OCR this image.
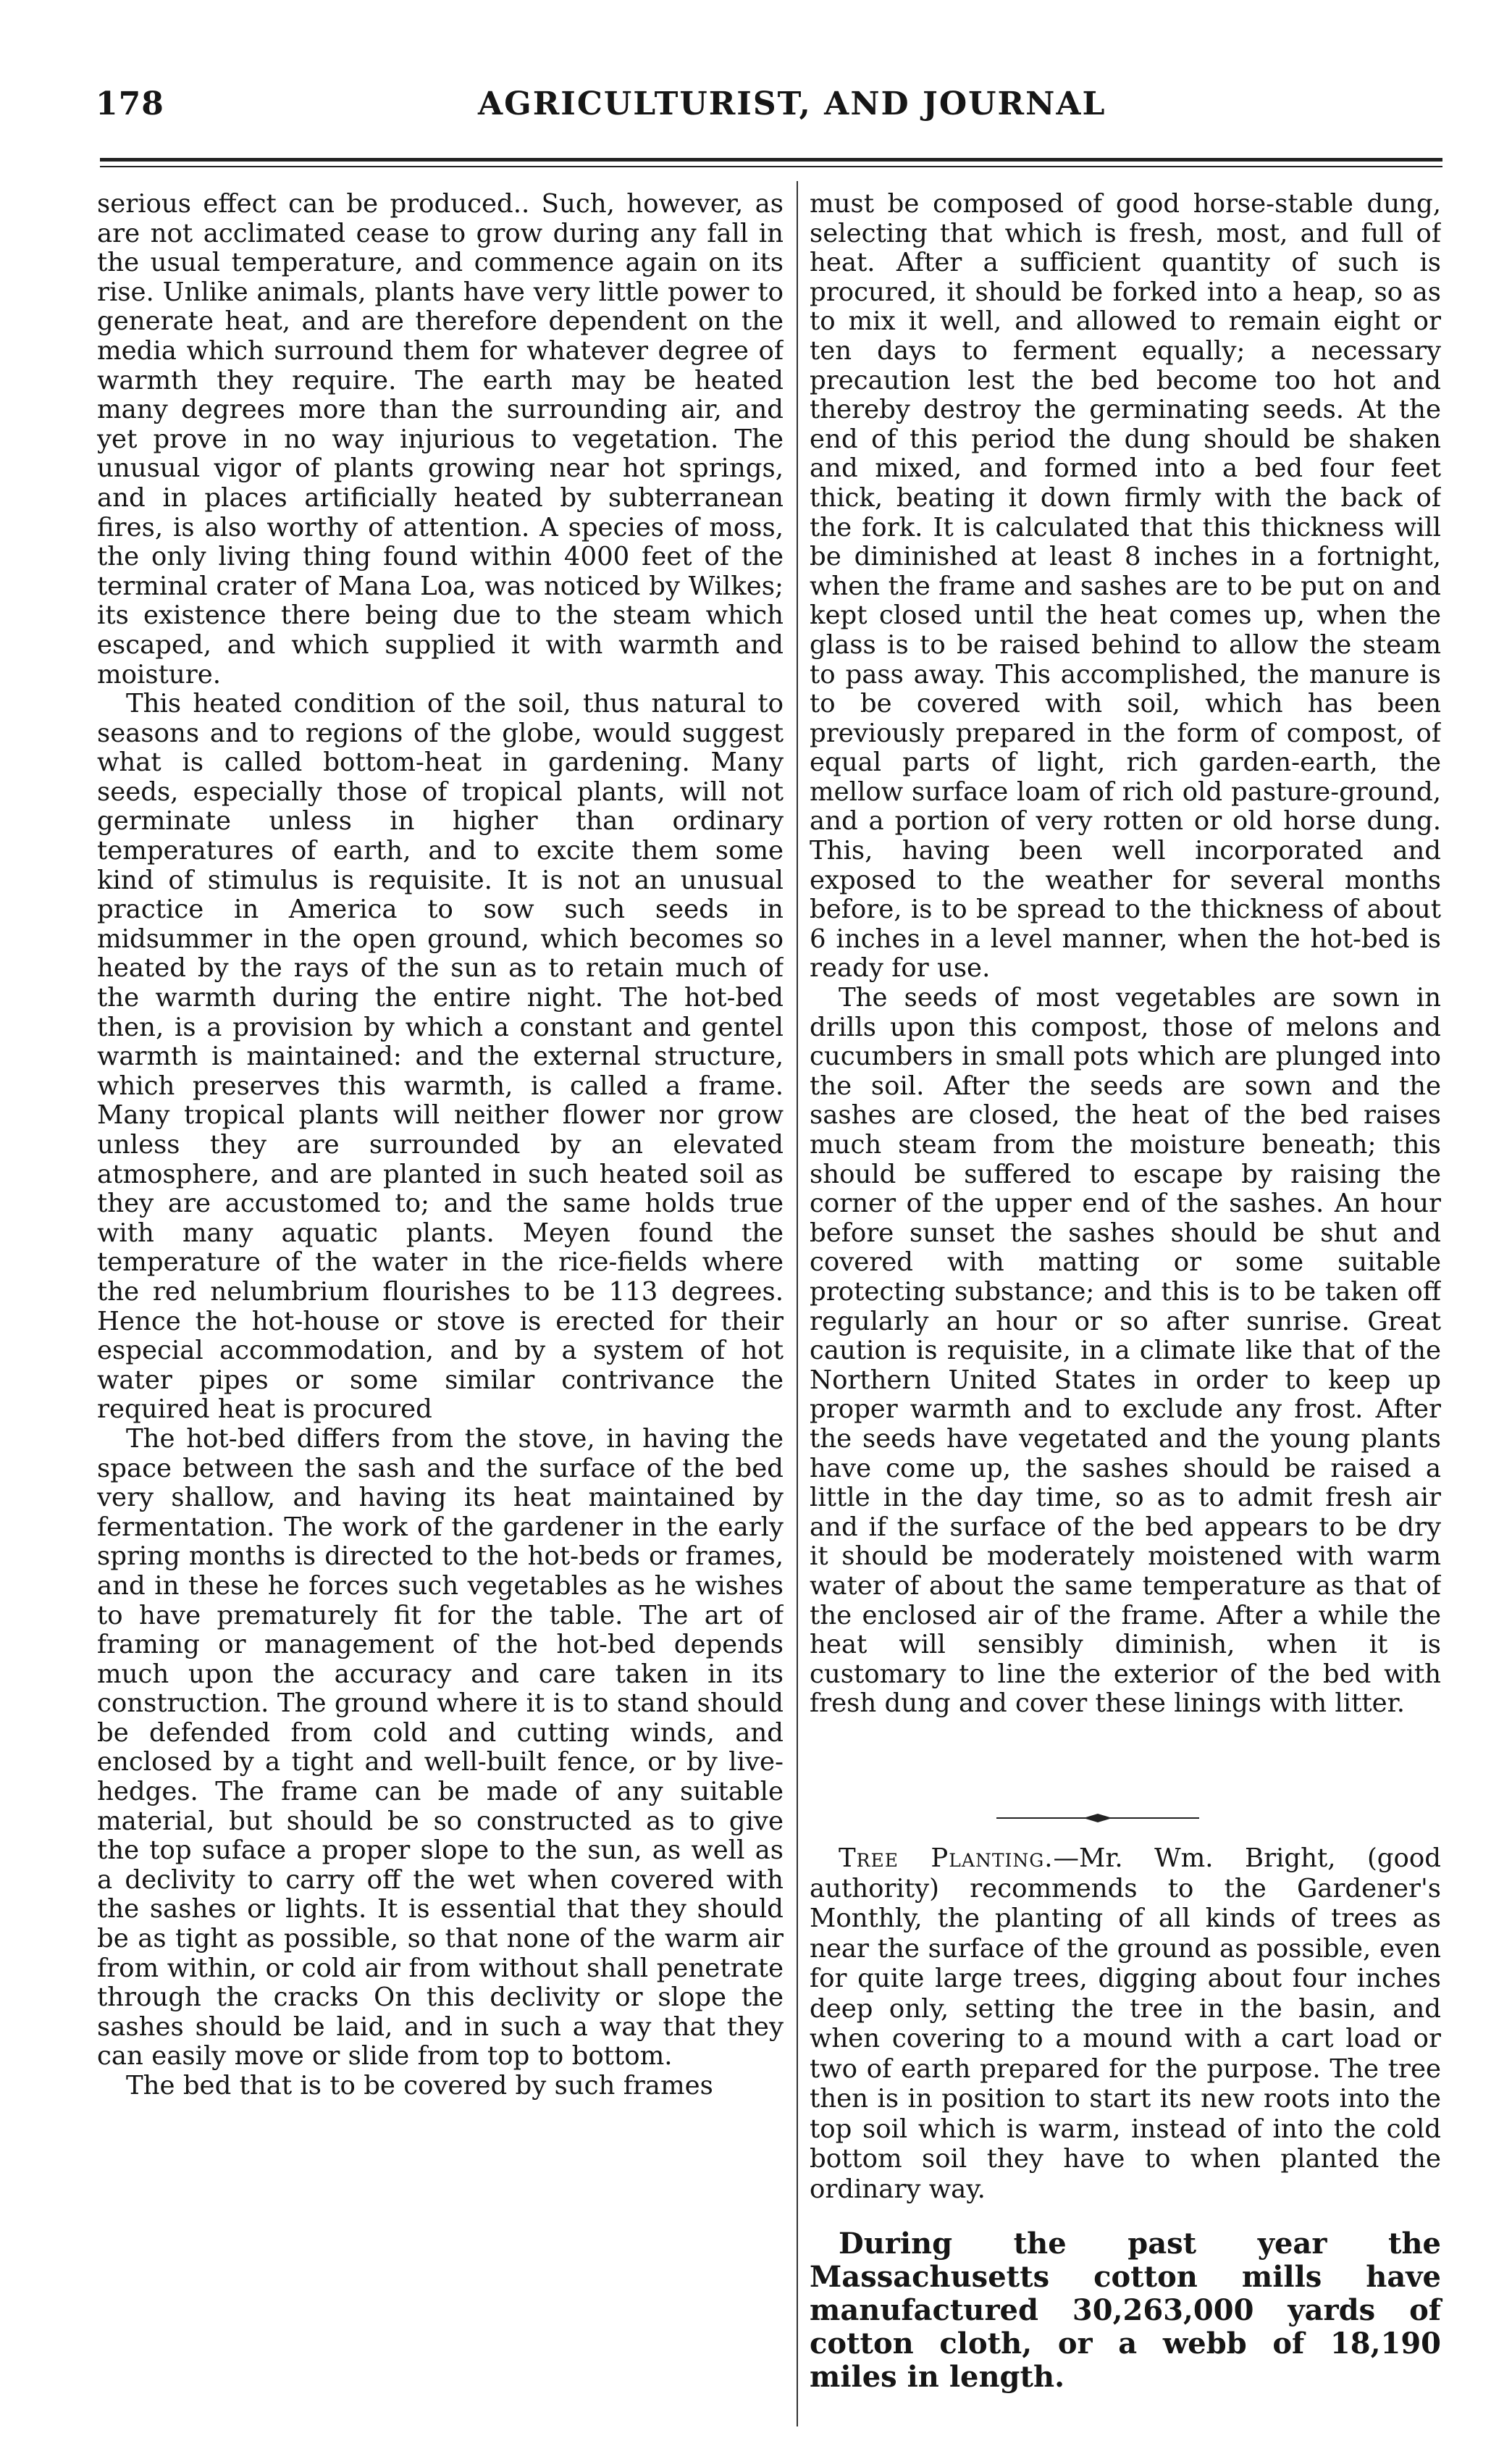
178	AGRICULTURIST, AND JOURNAL

serious effect can be produced.. Such, however, as are not acclimated cease to grow during any fall in the usual temperature, and commence again on its rise. Unlike animals, plants have very little power to generate heat, and are therefore dependent on the media which surround them for whatever degree of warmth they require. The earth may be heated many degrees more than the surrounding air, and yet prove in no way injurious to vegetation. The unusual vigor of plants growing near hot springs, and in places artificially heated by subterranean fires, is also worthy of attention. A species of moss, the only living thing found within 4000 feet of the terminal crater of Mana Loa, was noticed by Wilkes; its existence there being due to the steam which escaped, and which supplied it with warmth and moisture.

This heated condition of the soil, thus natural to seasons and to regions of the globe, would suggest what is called bottom-heat in gardening. Many seeds, especially those of tropical plants, will not germinate unless in higher than ordinary temperatures of earth, and to excite them some kind of stimulus is requisite. It is not an unusual practice in America to sow such seeds in midsummer in the open ground, which becomes so heated by the rays of the sun as to retain much of the warmth during the entire night. The hot-bed then, is a provision by which a constant and gentel warmth is maintained: and the external structure, which preserves this warmth, is called a frame. Many tropical plants will neither flower nor grow unless they are surrounded by an elevated atmosphere, and are planted in such heated soil as they are accustomed to; and the same holds true with many aquatic plants. Meyen found the temperature of the water in the rice-fields where the red nelumbrium flourishes to be 113 degrees. Hence the hot-house or stove is erected for their especial accommodation, and by a system of hot water pipes or some similar contrivance the required heat is procured

The hot-bed differs from the stove, in having the space between the sash and the surface of the bed very shallow, and having its heat maintained by fermentation. The work of the gardener in the early spring months is directed to the hot-beds or frames, and in these he forces such vegetables as he wishes to have prematurely fit for the table. The art of framing or management of the hot-bed depends much upon the accuracy and care taken in its construction. The ground where it is to stand should be defended from cold and cutting winds, and enclosed by a tight and well-built fence, or by live-hedges. The frame can be made of any suitable material, but should be so constructed as to give the top suface a proper slope to the sun, as well as a declivity to carry off the wet when covered with the sashes or lights. It is essential that they should be as tight as possible, so that none of the warm air from within, or cold air from without shall penetrate through the cracks On this declivity or slope the sashes should be laid, and in such a way that they can easily move or slide from top to bottom.

The bed that is to be covered by such frames

must be composed of good horse-stable dung, selecting that which is fresh, most, and full of heat. After a sufficient quantity of such is procured, it should be forked into a heap, so as to mix it well, and allowed to remain eight or ten days to ferment equally; a necessary precaution lest the bed become too hot and thereby destroy the germinating seeds. At the end of this period the dung should be shaken and mixed, and formed into a bed four feet thick, beating it down firmly with the back of the fork. It is calculated that this thickness will be diminished at least 8 inches in a fortnight, when the frame and sashes are to be put on and kept closed until the heat comes up, when the glass is to be raised behind to allow the steam to pass away. This accomplished, the manure is to be covered with soil, which has been previously prepared in the form of compost, of equal parts of light, rich garden-earth, the mellow surface loam of rich old pasture-ground, and a portion of very rotten or old horse dung. This, having been well incorporated and exposed to the weather for several months before, is to be spread to the thickness of about 6 inches in a level manner, when the hot-bed is ready for use.

The seeds of most vegetables are sown in drills upon this compost, those of melons and cucumbers in small pots which are plunged into the soil. After the seeds are sown and the sashes are closed, the heat of the bed raises much steam from the moisture beneath; this should be suffered to escape by raising the corner of the upper end of the sashes. An hour before sunset the sashes should be shut and covered with matting or some suitable protecting substance; and this is to be taken off regularly an hour or so after sunrise. Great caution is requisite, in a climate like that of the Northern United States in order to keep up proper warmth and to exclude any frost. After the seeds have vegetated and the young plants have come up, the sashes should be raised a little in the day time, so as to admit fresh air and if the surface of the bed appears to be dry it should be moderately moistened with warm water of about the same temperature as that of the enclosed air of the frame. After a while the heat will sensibly diminish, when it is customary to line the exterior of the bed with fresh dung and cover these linings with litter.

Tree Planting.—Mr. Wm. Bright, (good authority) recommends to the Gardener's Monthly, the planting of all kinds of trees as near the surface of the ground as possible, even for quite large trees, digging about four inches deep only, setting the tree in the basin, and when covering to a mound with a cart load or two of earth prepared for the purpose. The tree then is in position to start its new roots into the top soil which is warm, instead of into the cold bottom soil they have to when planted the ordinary way.

During the past year the Massachusetts cotton mills have manufactured 30,263,000 yards of cotton cloth, or a webb of 18,190 miles in length.
